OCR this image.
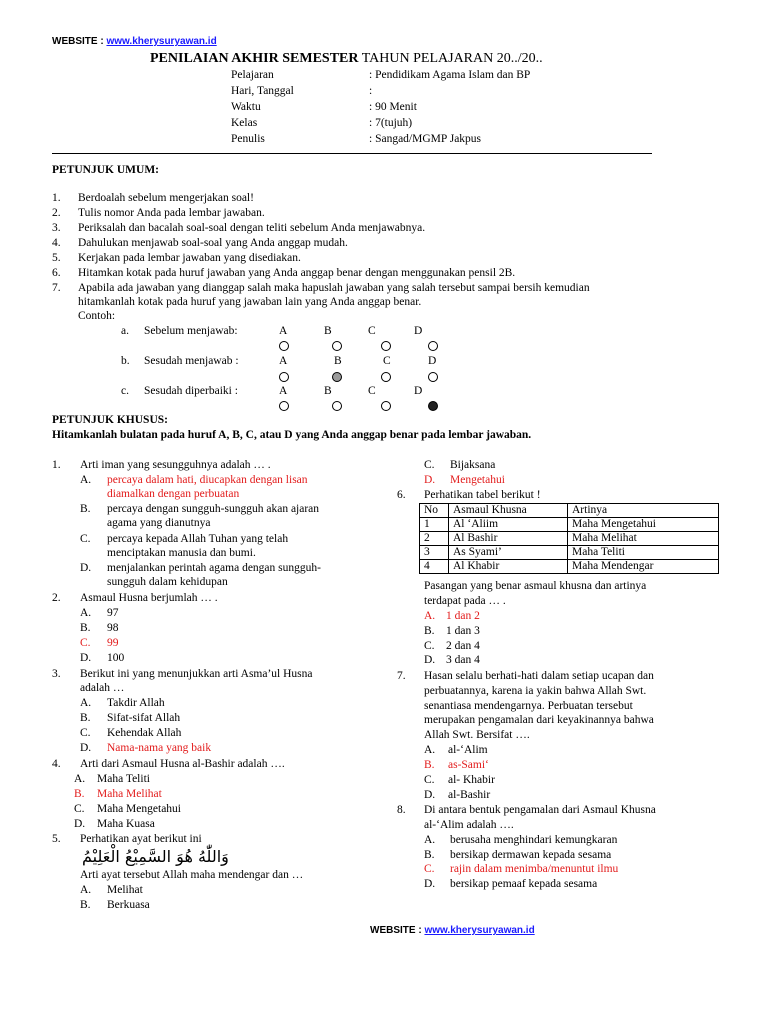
WEBSITE : www.kherysuryawan.id
PENILAIAN AKHIR SEMESTER TAHUN PELAJARAN 20../20..
Pelajaran	: Pendidikam Agama Islam dan BP
Hari, Tanggal	:
Waktu	: 90 Menit
Kelas	: 7(tujuh)
Penulis	: Sangad/MGMP Jakpus
PETUNJUK UMUM:
1. Berdoalah sebelum mengerjakan soal!
2. Tulis nomor Anda pada lembar jawaban.
3. Periksalah dan bacalah soal-soal dengan teliti sebelum Anda menjawabnya.
4. Dahulukan menjawab soal-soal yang Anda anggap mudah.
5. Kerjakan pada lembar jawaban yang disediakan.
6. Hitamkan kotak pada huruf jawaban yang Anda anggap benar dengan menggunakan pensil 2B.
7. Apabila ada jawaban yang dianggap salah maka hapuslah jawaban yang salah tersebut sampai bersih kemudian
hitamkanlah kotak pada huruf yang jawaban lain yang Anda anggap benar.
Contoh:
a. Sebelum menjawab:	A	B	C	D
b. Sesudah menjawab :	A	B	C	D
c. Sesudah diperbaiki :	A	B	C	D
PETUNJUK KHUSUS:
Hitamkanlah bulatan pada huruf A, B, C, atau D yang Anda anggap benar pada lembar jawaban.
1. Arti iman yang sesungguhnya adalah … .
A. percaya dalam hati, diucapkan dengan lisan
diamalkan dengan perbuatan
B. percaya dengan sungguh-sungguh akan ajaran
agama yang dianutnya
C. percaya kepada Allah Tuhan yang telah
menciptakan manusia dan bumi.
D. menjalankan perintah agama dengan sungguh-
sungguh dalam kehidupan
2. Asmaul Husna berjumlah … .
A. 97
B. 98
C. 99
D. 100
3. Berikut ini yang menunjukkan arti Asma’ul Husna
adalah …
A. Takdir Allah
B. Sifat-sifat Allah
C. Kehendak Allah
D. Nama-nama yang baik
4. Arti dari Asmaul Husna al-Bashir adalah ….
A. Maha Teliti
B. Maha Melihat
C. Maha Mengetahui
D. Maha Kuasa
5. Perhatikan ayat berikut ini
وَاللّٰهُ هُوَ السَّمِيْعُ الْعَلِيْمُ
Arti ayat tersebut Allah maha mendengar dan …
A. Melihat
B. Berkuasa
C. Bijaksana
D. Mengetahui
6. Perhatikan tabel berikut !
No	Asmaul Khusna	Artinya
1	Al ‘Aliim	Maha Mengetahui
2	Al Bashir	Maha Melihat
3	As Syami’	Maha Teliti
4	Al Khabir	Maha Mendengar
Pasangan yang benar asmaul khusna dan artinya
terdapat pada … .
A. 1 dan 2
B. 1 dan 3
C. 2 dan 4
D. 3 dan 4
7. Hasan selalu berhati-hati dalam setiap ucapan dan
perbuatannya, karena ia yakin bahwa Allah Swt.
senantiasa mendengarnya. Perbuatan tersebut
merupakan pengamalan dari keyakinannya bahwa
Allah Swt. Bersifat ….
A. al-‘Alim
B. as-Sami‘
C. al- Khabir
D. al-Bashir
8. Di antara bentuk pengamalan dari Asmaul Khusna
al-‘Alim adalah ….
A. berusaha menghindari kemungkaran
B. bersikap dermawan kepada sesama
C. rajin dalam menimba/menuntut ilmu
D. bersikap pemaaf kepada sesama
WEBSITE : www.kherysuryawan.id
